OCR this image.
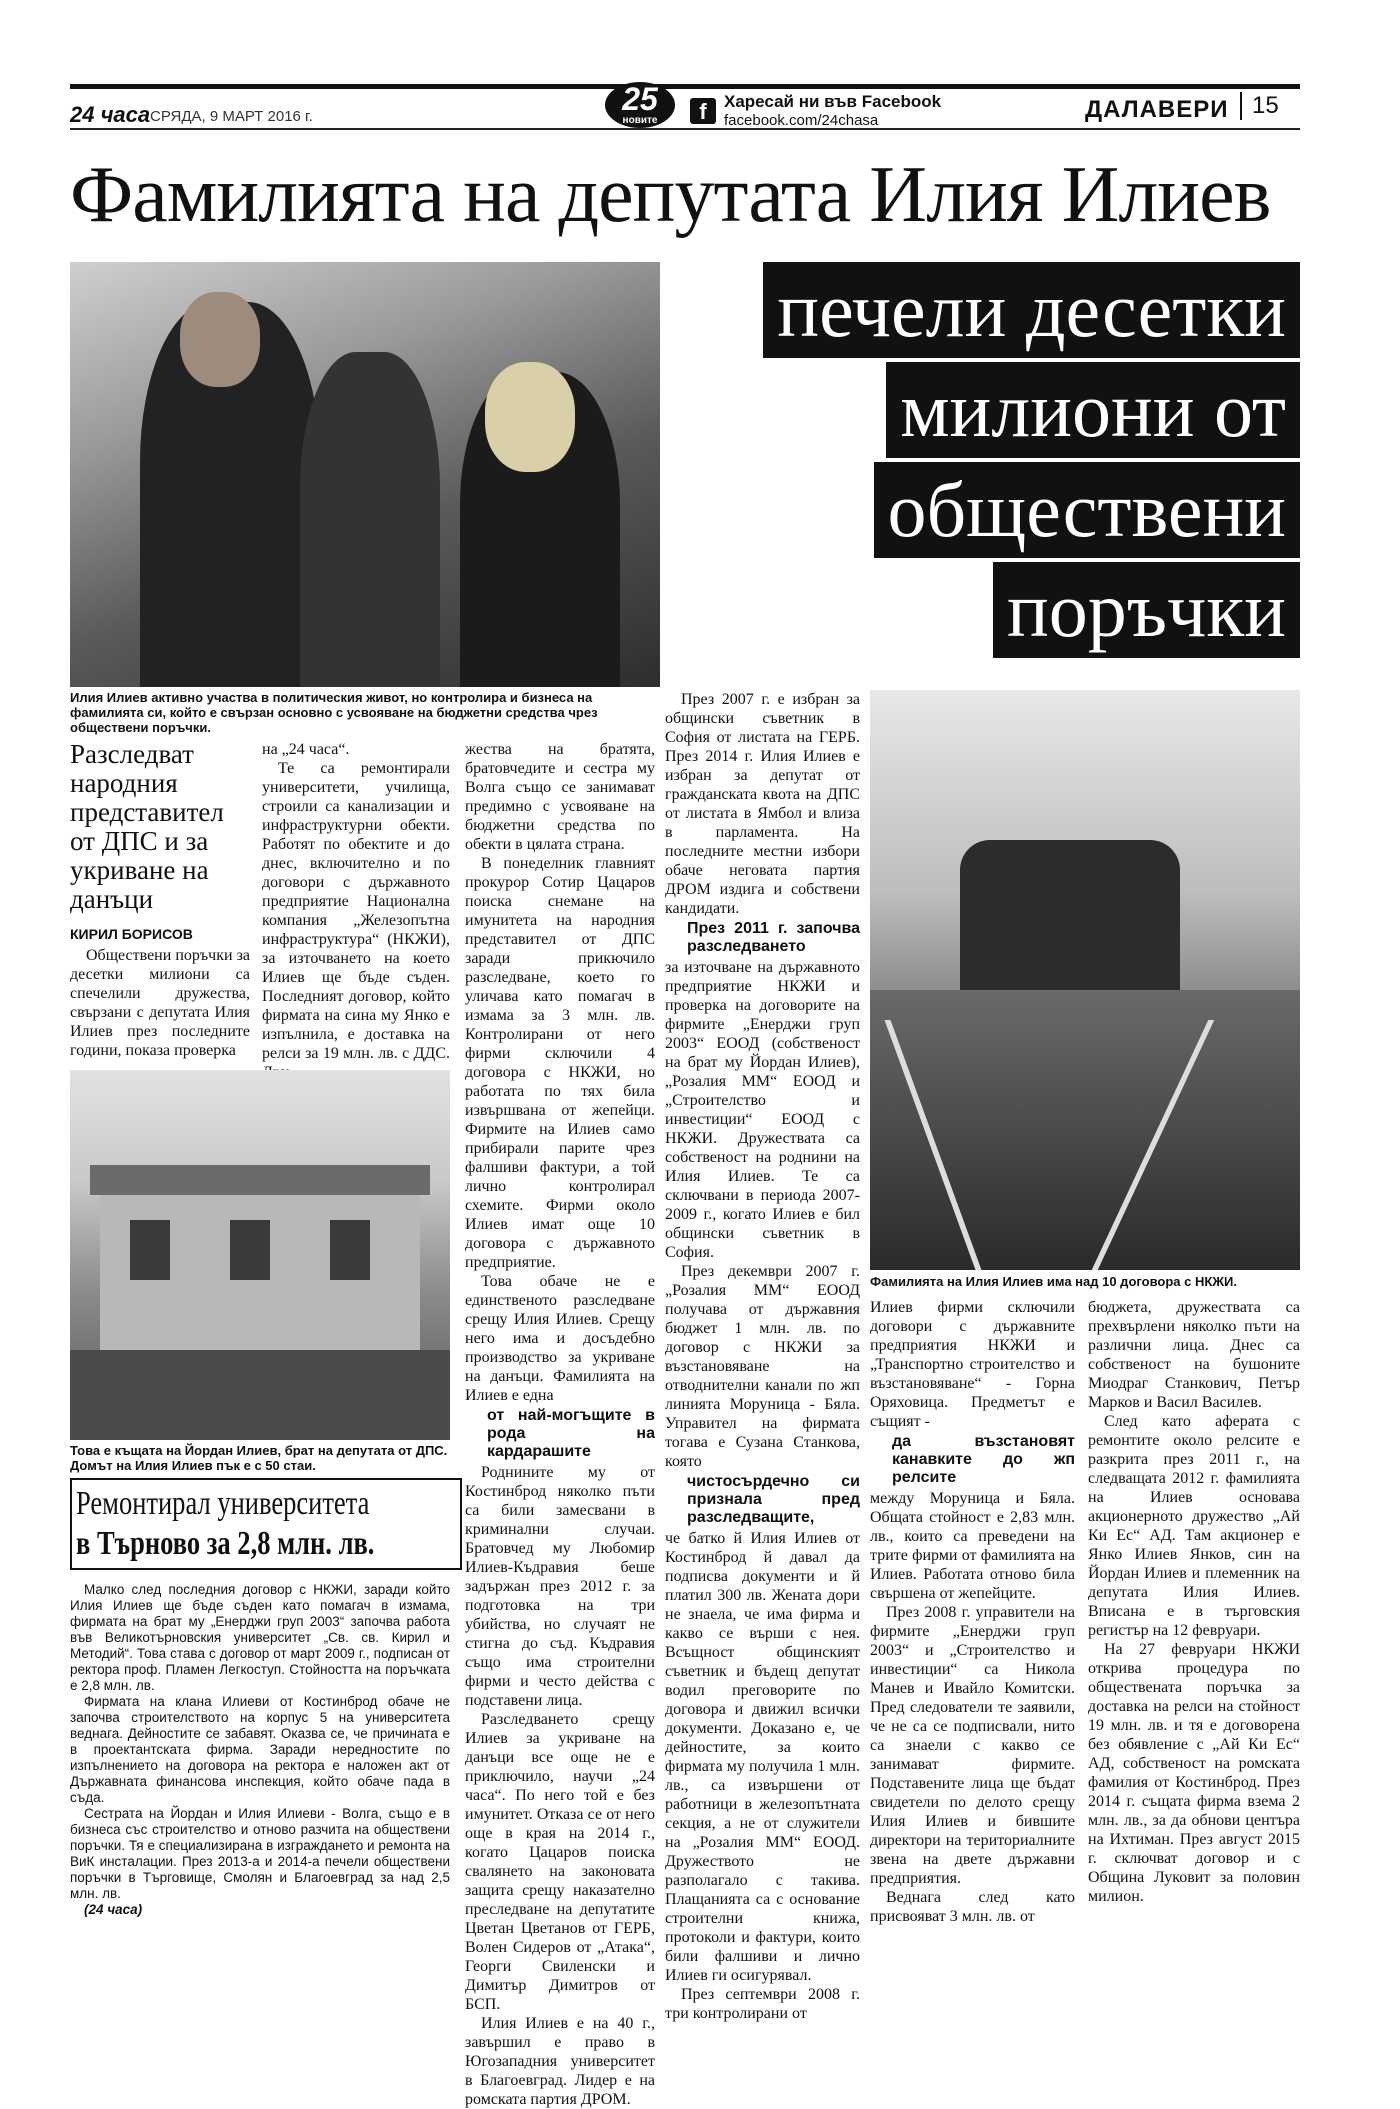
24 часа СРЯДА, 9 МАРТ 2016 г.	25
новите	f	Харесай ни във Facebook
facebook.com/24chasa	ДАЛАВЕРИ 15
Фамилията на депутата Илия Илиев
печели десетки
милиони от
обществени
поръчки
Илия Илиев активно участва в политическия живот, но контролира и бизнеса на фамилията си, който е свързан основно с усвояване на бюджетни средства чрез обществени поръчки.
Разследват народния представител от ДПС и за укриване на данъци
КИРИЛ БОРИСОВ

Обществени поръчки за десетки милиони са спечелили дружества, свързани с депутата Илия Илиев през последните години, показа проверка

на „24 часа“.

Те са ремонтирали университети, училища, строили са канализации и инфраструктурни обекти. Работят по обектите и до днес, включително и по договори с държавното предприятие Национална компания „Железопътна инфраструктура“ (НКЖИ), за източването на което Илиев ще бъде съден. Последният договор, който фирмата на сина му Янко е изпълнила, е доставка на релси за 19 млн. лв. с ДДС.

Това е къщата на Йордан Илиев, брат на депутата от ДПС. Домът на Илия Илиев пък е с 50 стаи.
Ремонтирал университета
в Търново за 2,8 млн. лв.

Малко след последния договор с НКЖИ, заради който Илия Илиев ще бъде съден като помагач в измама, фирмата на брат му „Енерджи груп 2003“ започва работа във Великотърновския университет „Св. св. Кирил и Методий“. Това става с договор от март 2009 г., подписан от ректора проф. Пламен Легкоступ. Стойността на поръчката е 2,8 млн. лв.

Фирмата на клана Илиеви от Костинброд обаче не започва строителството на корпус 5 на университета веднага. Дейностите се забавят. Оказва се, че причината е в проектантската фирма. Заради нередностите по изпълнението на договора на ректора е наложен акт от Държавната финансова инспекция, който обаче пада в съда.

Сестрата на Йордан и Илия Илиеви - Волга, също е в бизнеса със строителство и отново разчита на обществени поръчки. Тя е специализирана в изграждането и ремонта на ВиК инсталации. През 2013-а и 2014-а печели обществени поръчки в Търговище, Смолян и Благоевград за над 2,5 млн. лв.

(24 часа)

жества на братята, братовчедите и сестра му Волга също се занимават предимно с усвояване на бюджетни средства по обекти в цялата страна.

В понеделник главният прокурор Сотир Цацаров поиска снемане на имунитета на народния представител от ДПС заради прикючило разследване, което го уличава като помагач в измама за 3 млн. лв. Контролирани от него фирми сключили 4 договора с НКЖИ, но работата по тях била извършвана от жепейци. Фирмите на Илиев само прибирали парите чрез фалшиви фактури, а той лично контролирал схемите. Фирми около Илиев имат още 10 договора с държавното предприятие.

Това обаче не е единственото разследване срещу Илия Илиев. Срещу него има и досъдебно производство за укриване на данъци. Фамилията на Илиев е една

от най-могъщите в рода на кардарашите

Роднините му от Костинброд няколко пъти са били замесвани в криминални случаи. Братовчед му Любомир Илиев-Къдравия беше задържан през 2012 г. за подготовка на три убийства, но случаят не стигна до съд. Къдравия също има строителни фирми и често действа с подставени лица.

Разследването срещу Илиев за укриване на данъци все още не е приключило, научи „24 часа“. По него той е без имунитет. Отказа се от него още в края на 2014 г., когато Цацаров поиска свалянето на законовата защита срещу наказателно преследване на депутатите Цветан Цветанов от ГЕРБ, Волен Сидеров от „Атака“, Георги Свиленски и Димитър Димитров от БСП.

Илия Илиев е на 40 г., завършил е право в Югозападния университет в Благоевград. Лидер е на ромската партия ДРОМ.

През 2007 г. е избран за общински съветник в София от листата на ГЕРБ. През 2014 г. Илия Илиев е избран за депутат от гражданската квота на ДПС от листата в Ямбол и влиза в парламента. На последните местни избори обаче неговата партия ДРОМ издига и собствени кандидати.

През 2011 г. започва разследването

за източване на държавното предприятие НКЖИ и проверка на договорите на фирмите „Енерджи груп 2003“ ЕООД (собственост на брат му Йордан Илиев), „Розалия ММ“ ЕООД и „Строителство и инвестиции“ ЕООД с НКЖИ. Дружествата са собственост на роднини на Илия Илиев. Те са сключвани в периода 2007-2009 г., когато Илиев е бил общински съветник в София.

През декември 2007 г. „Розалия ММ“ ЕООД получава от държавния бюджет 1 млн. лв. по договор с НКЖИ за възстановяване на отводнителни канали по жп линията Моруница - Бяла. Управител на фирмата тогава е Сузана Станкова, която

чистосърдечно си признала пред разследващите,

че батко й Илия Илиев от Костинброд й давал да подписва документи и й платил 300 лв. Жената дори не знаела, че има фирма и какво се върши с нея. Всъщност общинският съветник и бъдещ депутат водил преговорите по договора и движил всички документи. Доказано е, че дейностите, за които фирмата му получила 1 млн. лв., са извършени от работници в железопътната секция, а не от служители на „Розалия ММ“ ЕООД. Дружеството не разполагало с такива. Плащанията са с основание строителни книжа, протоколи и фактури, които били фалшиви и лично Илиев ги осигурявал.

През септември 2008 г. три контролирани от

Фамилията на Илия Илиев има над 10 договора с НКЖИ.

Илиев фирми сключили договори с държавните предприятия НКЖИ и „Транспортно строителство и възстановяване“ - Горна Оряховица. Предметът е същият -

да възстановят канавките до жп релсите

между Моруница и Бяла. Общата стойност е 2,83 млн. лв., които са преведени на трите фирми от фамилията на Илиев. Работата отново била свършена от жепейците.

През 2008 г. управители на фирмите „Енерджи груп 2003“ и „Строителство и инвестиции“ са Никола Манев и Ивайло Комитски. Пред следователи те заявили, че не са се подписвали, нито са знаели с какво се занимават фирмите. Подставените лица ще бъдат свидетели по делото срещу Илия Илиев и бившите директори на териториалните звена на двете държавни предприятия.

Веднага след като присвояват 3 млн. лв. от

бюджета, дружествата са прехвърлени няколко пъти на различни лица. Днес са собственост на бушоните Миодраг Станкович, Петър Марков и Васил Василев.

След като аферата с ремонтите около релсите е разкрита през 2011 г., на следващата 2012 г. фамилията на Илиев основава акционерното дружество „Ай Ки Ес“ АД. Там акционер е Янко Илиев Янков, син на Йордан Илиев и племенник на депутата Илия Илиев. Вписана е в търговския регистър на 12 февруари.

На 27 февруари НКЖИ открива процедура по обществената поръчка за доставка на релси на стойност 19 млн. лв. и тя е договорена без обявление с „Ай Ки Ес“ АД, собственост на ромската фамилия от Костинброд. През 2014 г. същата фирма взема 2 млн. лв., за да обнови центъра на Ихтиман. През август 2015 г. сключват договор и с Община Луковит за половин милион.
